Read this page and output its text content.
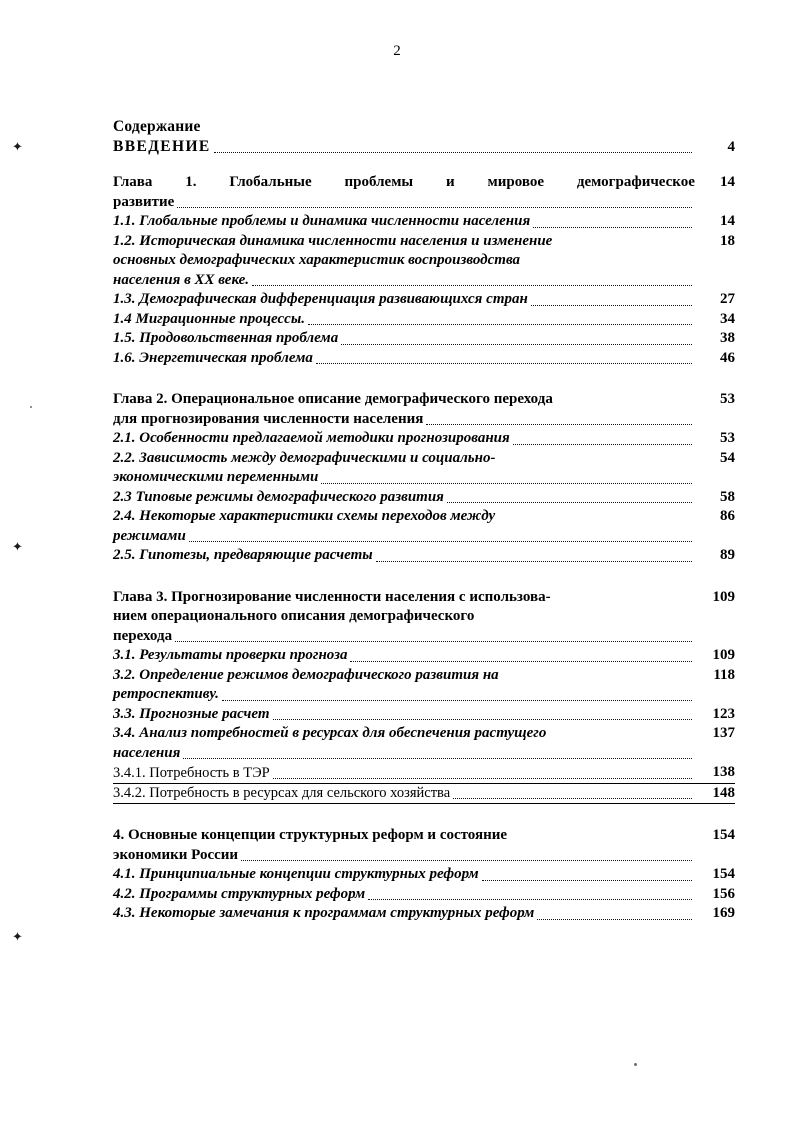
2
Содержание
ВВЕДЕНИЕ	4
Глава 1. Глобальные проблемы и мировое демографическое	14
развитие
1.1. Глобальные проблемы и динамика численности населения	14
1.2. Историческая динамика численности населения и изменение	18
основных демографических характеристик воспроизводства
населения в XX веке.
1.3. Демографическая дифференциация развивающихся стран	27
1.4 Миграционные процессы.	34
1.5. Продовольственная проблема	38
1.6. Энергетическая проблема	46
Глава 2. Операциональное описание демографического перехода	53
для прогнозирования численности населения
2.1. Особенности предлагаемой методики прогнозирования	53
2.2. Зависимость между демографическими и социально-	54
экономическими переменными
2.3 Типовые режимы демографического развития	58
2.4. Некоторые характеристики схемы переходов между	86
режимами
2.5. Гипотезы, предваряющие расчеты	89
Глава 3. Прогнозирование численности населения с использова-	109
нием операционального описания демографического
перехода
3.1. Результаты проверки прогноза	109
3.2. Определение режимов демографического развития на	118
ретроспективу.
3.3. Прогнозные расчет	123
3.4. Анализ потребностей в ресурсах для обеспечения растущего	137
населения
3.4.1. Потребность в ТЭР	138
3.4.2. Потребность в ресурсах для сельского хозяйства	148
4. Основные концепции структурных реформ и состояние	154
экономики России
4.1. Принципиальные концепции структурных реформ	154
4.2. Программы структурных реформ	156
4.3. Некоторые замечания к программам структурных реформ	169
✦
✦
✦
